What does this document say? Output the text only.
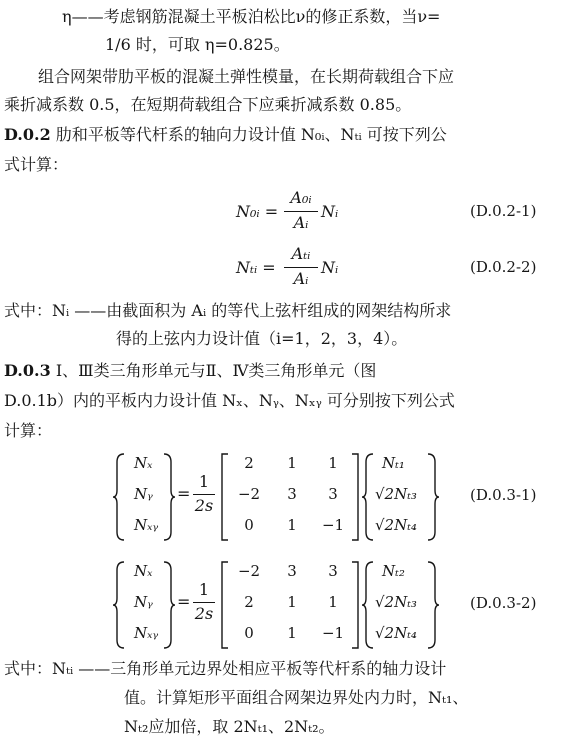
η——考虑钢筋混凝土平板泊松比ν的修正系数，当ν=
1/6 时，可取 η=0.825。
组合网架带肋平板的混凝土弹性模量，在长期荷载组合下应
乘折减系数 0.5，在短期荷载组合下应乘折减系数 0.85。
D.0.2 肋和平板等代杆系的轴向力设计值 N₀ᵢ、Nₜᵢ 可按下列公
式计算：
N₀ᵢ =
A₀ᵢ
Aᵢ
Nᵢ	(D.0.2-1)
Nₜᵢ =
Aₜᵢ
Aᵢ
Nᵢ	(D.0.2-2)
式中：Nᵢ ——由截面积为 Aᵢ 的等代上弦杆组成的网架结构所求
得的上弦内力设计值（i=1，2，3，4）。
D.0.3 Ⅰ、Ⅲ类三角形单元与Ⅱ、Ⅳ类三角形单元（图
D.0.1b）内的平板内力设计值 Nₓ、Nᵧ、Nₓᵧ 可分别按下列公式
计算：
Nₓ
Nᵧ
Nₓᵧ
=
1
2s
2	1	1
−2	3	3
0	1	−1
Nₜ₁
√2Nₜ₃
√2Nₜ₄
(D.0.3-1)
Nₓ
Nᵧ
Nₓᵧ
=
1
2s
−2	3	3
2	1	1
0	1	−1
Nₜ₂
√2Nₜ₃
√2Nₜ₄
(D.0.3-2)
式中：Nₜᵢ ——三角形单元边界处相应平板等代杆系的轴力设计
值。计算矩形平面组合网架边界处内力时，Nₜ₁、
Nₜ₂应加倍，取 2Nₜ₁、2Nₜ₂。
